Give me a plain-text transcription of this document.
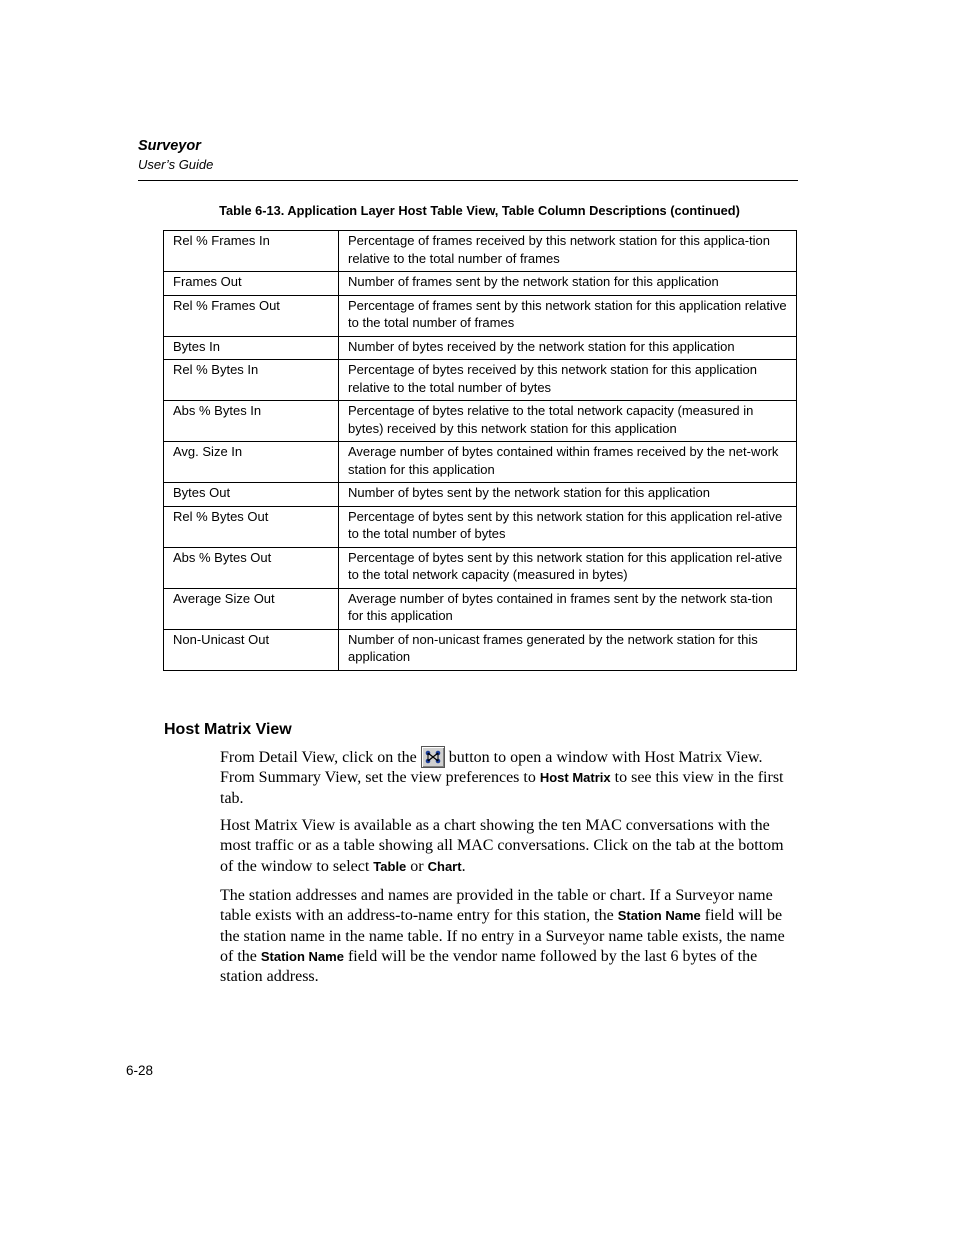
Surveyor
User’s Guide
Table 6-13. Application Layer Host Table View, Table Column Descriptions (continued)
Rel % Frames In	Percentage of frames received by this network station for this applica-tion relative to the total number of frames
Frames Out	Number of frames sent by the network station for this application
Rel % Frames Out	Percentage of frames sent by this network station for this application relative to the total number of frames
Bytes In	Number of bytes received by the network station for this application
Rel % Bytes In	Percentage of bytes received by this network station for this application relative to the total number of bytes
Abs % Bytes In	Percentage of bytes relative to the total network capacity (measured in bytes) received by this network station for this application
Avg. Size In	Average number of bytes contained within frames received by the net-work station for this application
Bytes Out	Number of bytes sent by the network station for this application
Rel % Bytes Out	Percentage of bytes sent by this network station for this application rel-ative to the total number of bytes
Abs % Bytes Out	Percentage of bytes sent by this network station for this application rel-ative to the total network capacity (measured in bytes)
Average Size Out	Average number of bytes contained in frames sent by the network sta-tion for this application
Non-Unicast Out	Number of non-unicast frames generated by the network station for this application
Host Matrix View
From Detail View, click on the button to open a window with Host Matrix View. From Summary View, set the view preferences to Host Matrix to see this view in the first tab.
Host Matrix View is available as a chart showing the ten MAC conversations with the most traffic or as a table showing all MAC conversations. Click on the tab at the bottom of the window to select Table or Chart.
The station addresses and names are provided in the table or chart. If a Surveyor name table exists with an address-to-name entry for this station, the Station Name field will be the station name in the name table. If no entry in a Surveyor name table exists, the name of the Station Name field will be the vendor name followed by the last 6 bytes of the station address.
6-28
